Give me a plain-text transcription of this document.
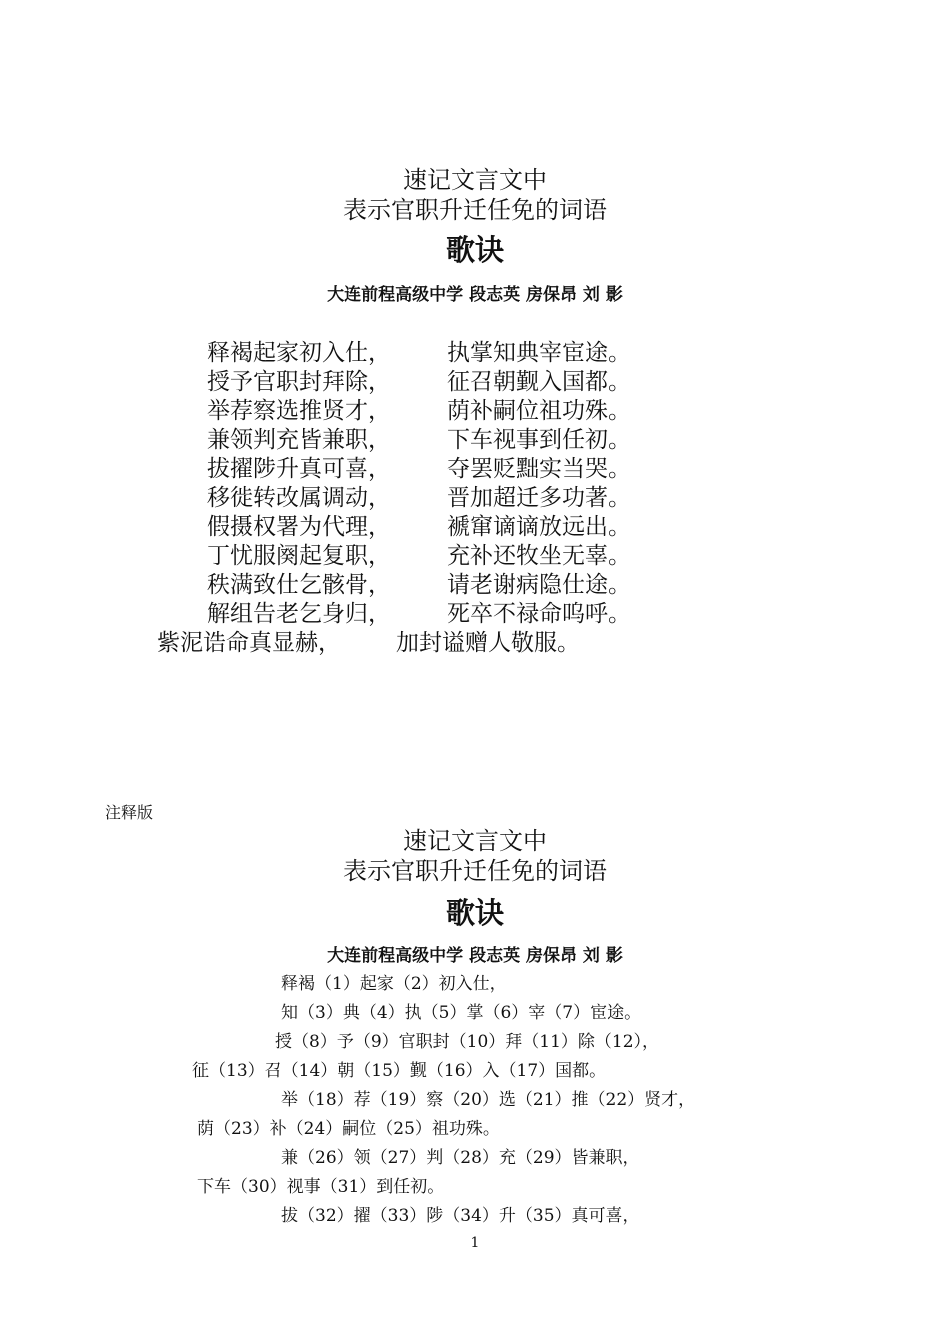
速记文言文中
表示官职升迁任免的词语
歌诀
大连前程高级中学 段志英 房保昂 刘 影
释褐起家初入仕， 执掌知典宰宦途。
授予官职封拜除， 征召朝觐入国都。
举荐察选推贤才， 荫补嗣位祖功殊。
兼领判充皆兼职， 下车视事到任初。
拔擢陟升真可喜， 夺罢贬黜实当哭。
移徙转改属调动， 晋加超迁多功著。
假摄权署为代理， 褫窜谪谪放远出。
丁忧服阕起复职， 充补还牧坐无辜。
秩满致仕乞骸骨， 请老谢病隐仕途。
解组告老乞身归， 死卒不禄命呜呼。
紫泥诰命真显赫， 加封谥赠人敬服。
注释版
速记文言文中
表示官职升迁任免的词语
歌诀
大连前程高级中学 段志英 房保昂 刘 影
释褐（1）起家（2）初入仕，
知（3）典（4）执（5）掌（6）宰（7）宦途。
授（8）予（9）官职封（10）拜（11）除（12），
征（13）召（14）朝（15）觐（16）入（17）国都。
举（18）荐（19）察（20）选（21）推（22）贤才，
荫（23）补（24）嗣位（25）祖功殊。
兼（26）领（27）判（28）充（29）皆兼职，
下车（30）视事（31）到任初。
拔（32）擢（33）陟（34）升（35）真可喜，
1
